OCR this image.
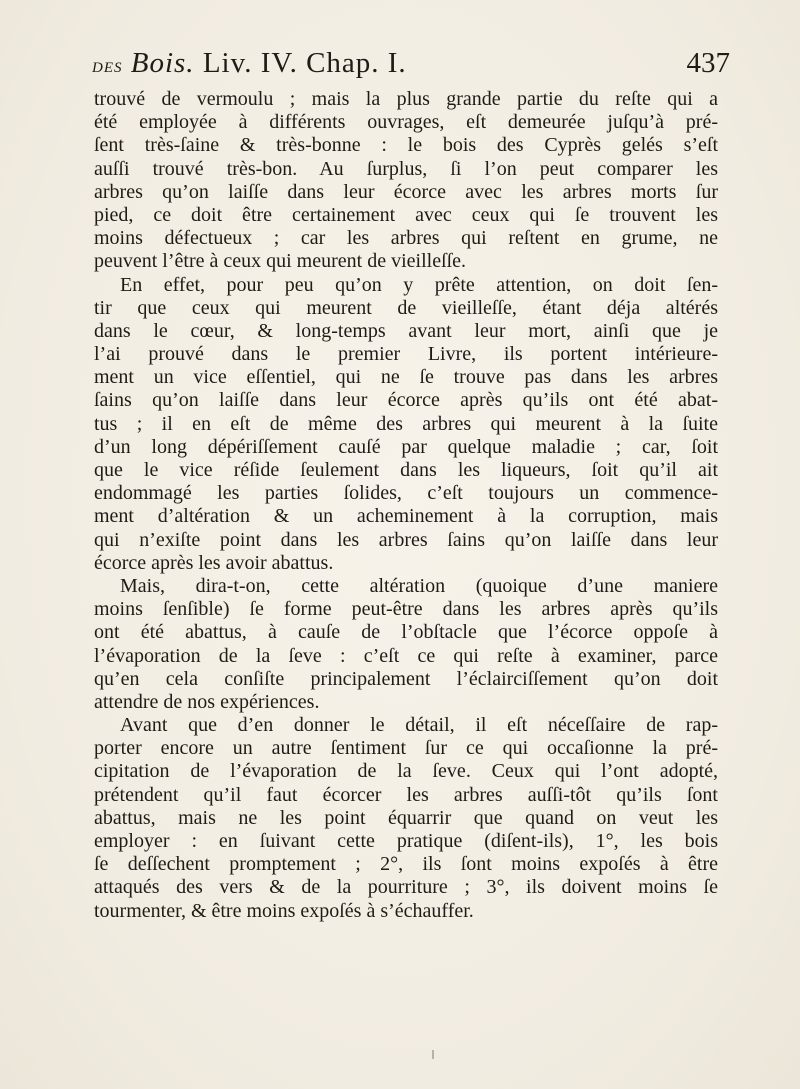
des Bois. Liv. IV. Chap. I.	437
trouvé de vermoulu ; mais la plus grande partie du reſte qui a
été employée à différents ouvrages, eſt demeurée juſqu’à pré-
ſent très-ſaine & très-bonne : le bois des Cyprès gelés s’eſt
auſſi trouvé très-bon. Au ſurplus, ſi l’on peut comparer les
arbres qu’on laiſſe dans leur écorce avec les arbres morts ſur
pied, ce doit être certainement avec ceux qui ſe trouvent les
moins défectueux ; car les arbres qui reſtent en grume, ne
peuvent l’être à ceux qui meurent de vieilleſſe.
En effet, pour peu qu’on y prête attention, on doit ſen-
tir que ceux qui meurent de vieilleſſe, étant déja altérés
dans le cœur, & long-temps avant leur mort, ainſi que je
l’ai prouvé dans le premier Livre, ils portent intérieure-
ment un vice eſſentiel, qui ne ſe trouve pas dans les arbres
ſains qu’on laiſſe dans leur écorce après qu’ils ont été abat-
tus ; il en eſt de même des arbres qui meurent à la ſuite
d’un long dépériſſement cauſé par quelque maladie ; car, ſoit
que le vice réſide ſeulement dans les liqueurs, ſoit qu’il ait
endommagé les parties ſolides, c’eſt toujours un commence-
ment d’altération & un acheminement à la corruption, mais
qui n’exiſte point dans les arbres ſains qu’on laiſſe dans leur
écorce après les avoir abattus.
Mais, dira-t-on, cette altération (quoique d’une maniere
moins ſenſible) ſe forme peut-être dans les arbres après qu’ils
ont été abattus, à cauſe de l’obſtacle que l’écorce oppoſe à
l’évaporation de la ſeve : c’eſt ce qui reſte à examiner, parce
qu’en cela conſiſte principalement l’éclairciſſement qu’on doit
attendre de nos expériences.
Avant que d’en donner le détail, il eſt néceſſaire de rap-
porter encore un autre ſentiment ſur ce qui occaſionne la pré-
cipitation de l’évaporation de la ſeve. Ceux qui l’ont adopté,
prétendent qu’il faut écorcer les arbres auſſi-tôt qu’ils ſont
abattus, mais ne les point équarrir que quand on veut les
employer : en ſuivant cette pratique (diſent-ils), 1°, les bois
ſe deſſechent promptement ; 2°, ils ſont moins expoſés à être
attaqués des vers & de la pourriture ; 3°, ils doivent moins ſe
tourmenter, & être moins expoſés à s’échauffer.
